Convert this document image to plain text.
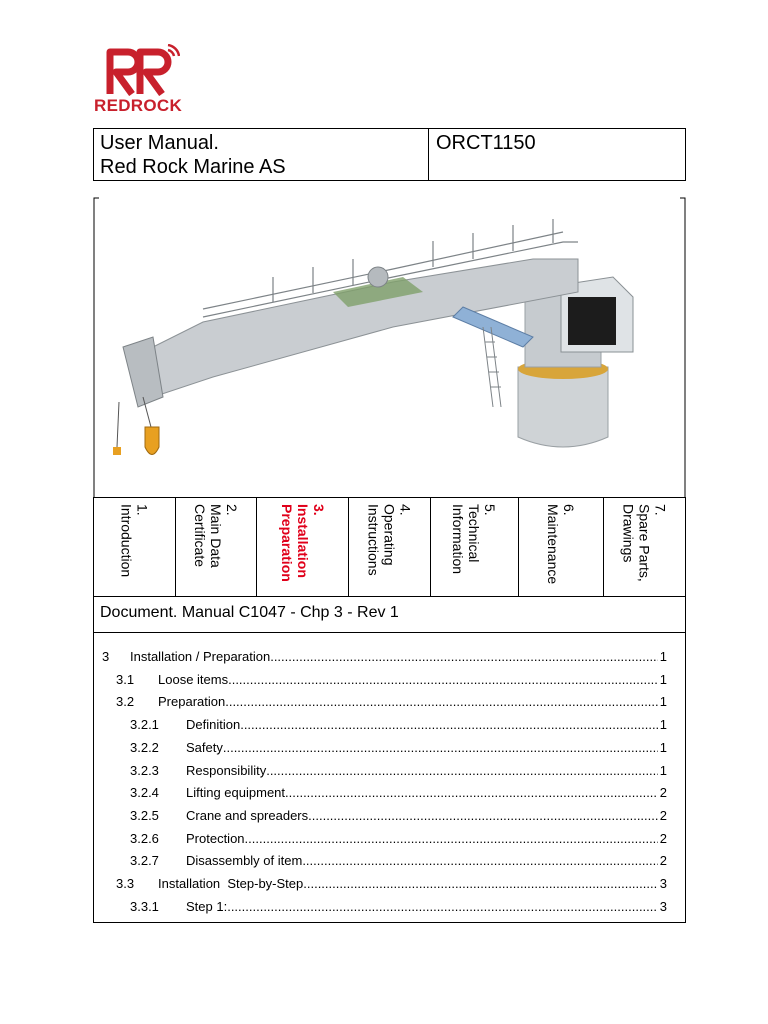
REDROCK
User Manual.
Red Rock Marine AS
ORCT1150
1.
Introduction	2.
Main Data
Certificate	3.
Installation
Preparation	4.
Operating
Instructions	5.
Technical
Information	6.
Maintenance	7.
Spare Parts,
Drawings
Document. Manual C1047 - Chp 3 - Rev 1
3 Installation / Preparation .....	1
3.1 Loose items .....	1
3.2 Preparation .....	1
3.2.1 Definition .....	1
3.2.2 Safety .....	1
3.2.3 Responsibility .....	1
3.2.4 Lifting equipment .....	2
3.2.5 Crane and spreaders .....	2
3.2.6 Protection .....	2
3.2.7 Disassembly of item .....	2
3.3 Installation  Step-by-Step .....	3
3.3.1 Step 1: .....	3
